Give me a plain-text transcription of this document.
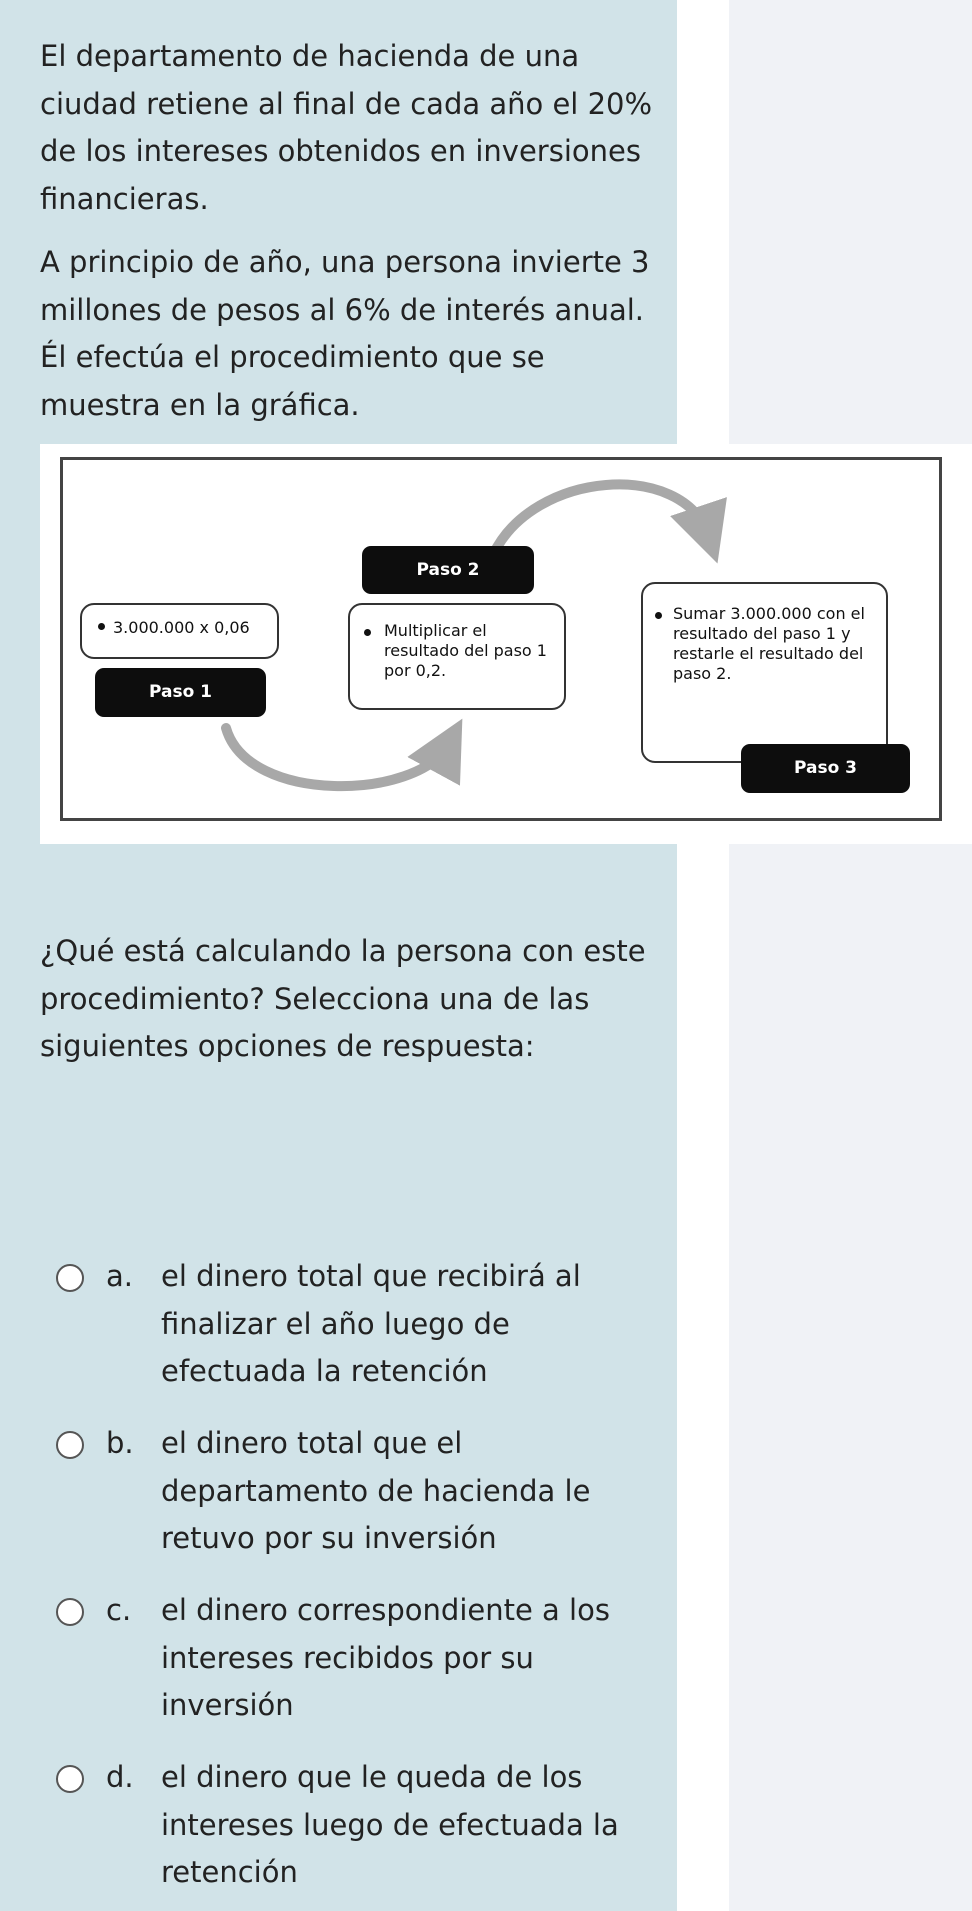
El departamento de hacienda de una ciudad retiene al final de cada año el 20% de los intereses obtenidos en inversiones financieras.

A principio de año, una persona invierte 3 millones de pesos al 6% de interés anual. Él efectúa el procedimiento que se muestra en la gráfica.

3.000.000 x 0,06
Paso 1
Paso 2
Multiplicar el resultado del paso 1 por 0,2.
Sumar 3.000.000 con el resultado del paso 1 y restarle el resultado del paso 2.
Paso 3

¿Qué está calculando la persona con este procedimiento? Selecciona una de las siguientes opciones de respuesta:

a. el dinero total que recibirá al finalizar el año luego de efectuada la retención
b. el dinero total que el departamento de hacienda le retuvo por su inversión
c. el dinero correspondiente a los intereses recibidos por su inversión
d. el dinero que le queda de los intereses luego de efectuada la retención
